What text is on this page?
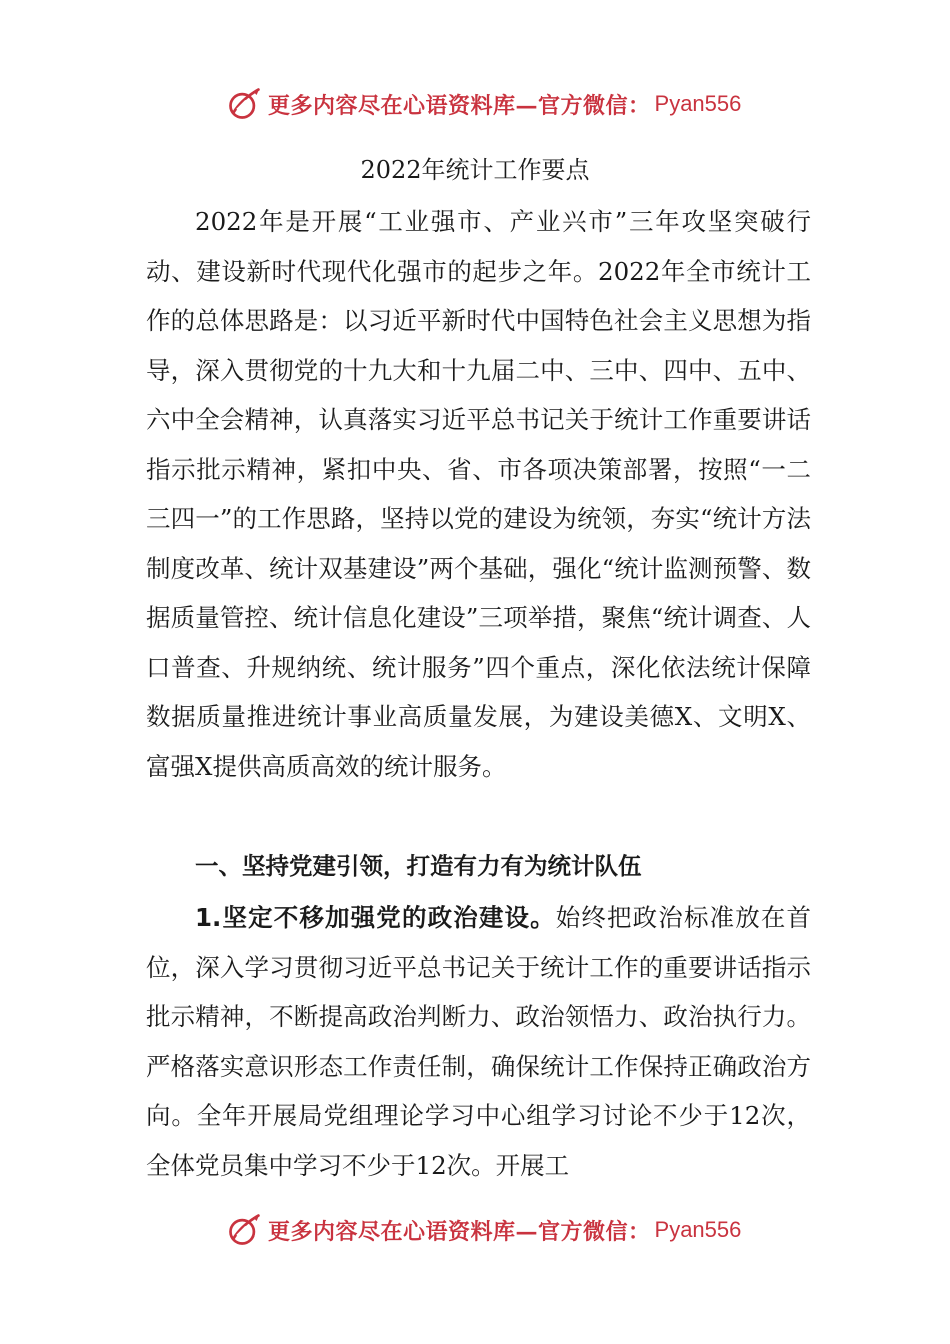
更多内容尽在心语资料库—官方微信： Pyan556
2022年统计工作要点

2022年是开展“工业强市、产业兴市”三年攻坚突破行动、建设新时代现代化强市的起步之年。2022年全市统计工作的总体思路是：以习近平新时代中国特色社会主义思想为指导，深入贯彻党的十九大和十九届二中、三中、四中、五中、六中全会精神，认真落实习近平总书记关于统计工作重要讲话指示批示精神，紧扣中央、省、市各项决策部署，按照“一二三四一”的工作思路，坚持以党的建设为统领，夯实“统计方法制度改革、统计双基建设”两个基础，强化“统计监测预警、数据质量管控、统计信息化建设”三项举措，聚焦“统计调查、人口普查、升规纳统、统计服务”四个重点，深化依法统计保障数据质量推进统计事业高质量发展，为建设美德X、文明X、富强X提供高质高效的统计服务。

一、坚持党建引领，打造有力有为统计队伍

1.坚定不移加强党的政治建设。始终把政治标准放在首位，深入学习贯彻习近平总书记关于统计工作的重要讲话指示批示精神，不断提高政治判断力、政治领悟力、政治执行力。严格落实意识形态工作责任制，确保统计工作保持正确政治方向。全年开展局党组理论学习中心组学习讨论不少于12次，全体党员集中学习不少于12次。开展工

更多内容尽在心语资料库—官方微信： Pyan556
